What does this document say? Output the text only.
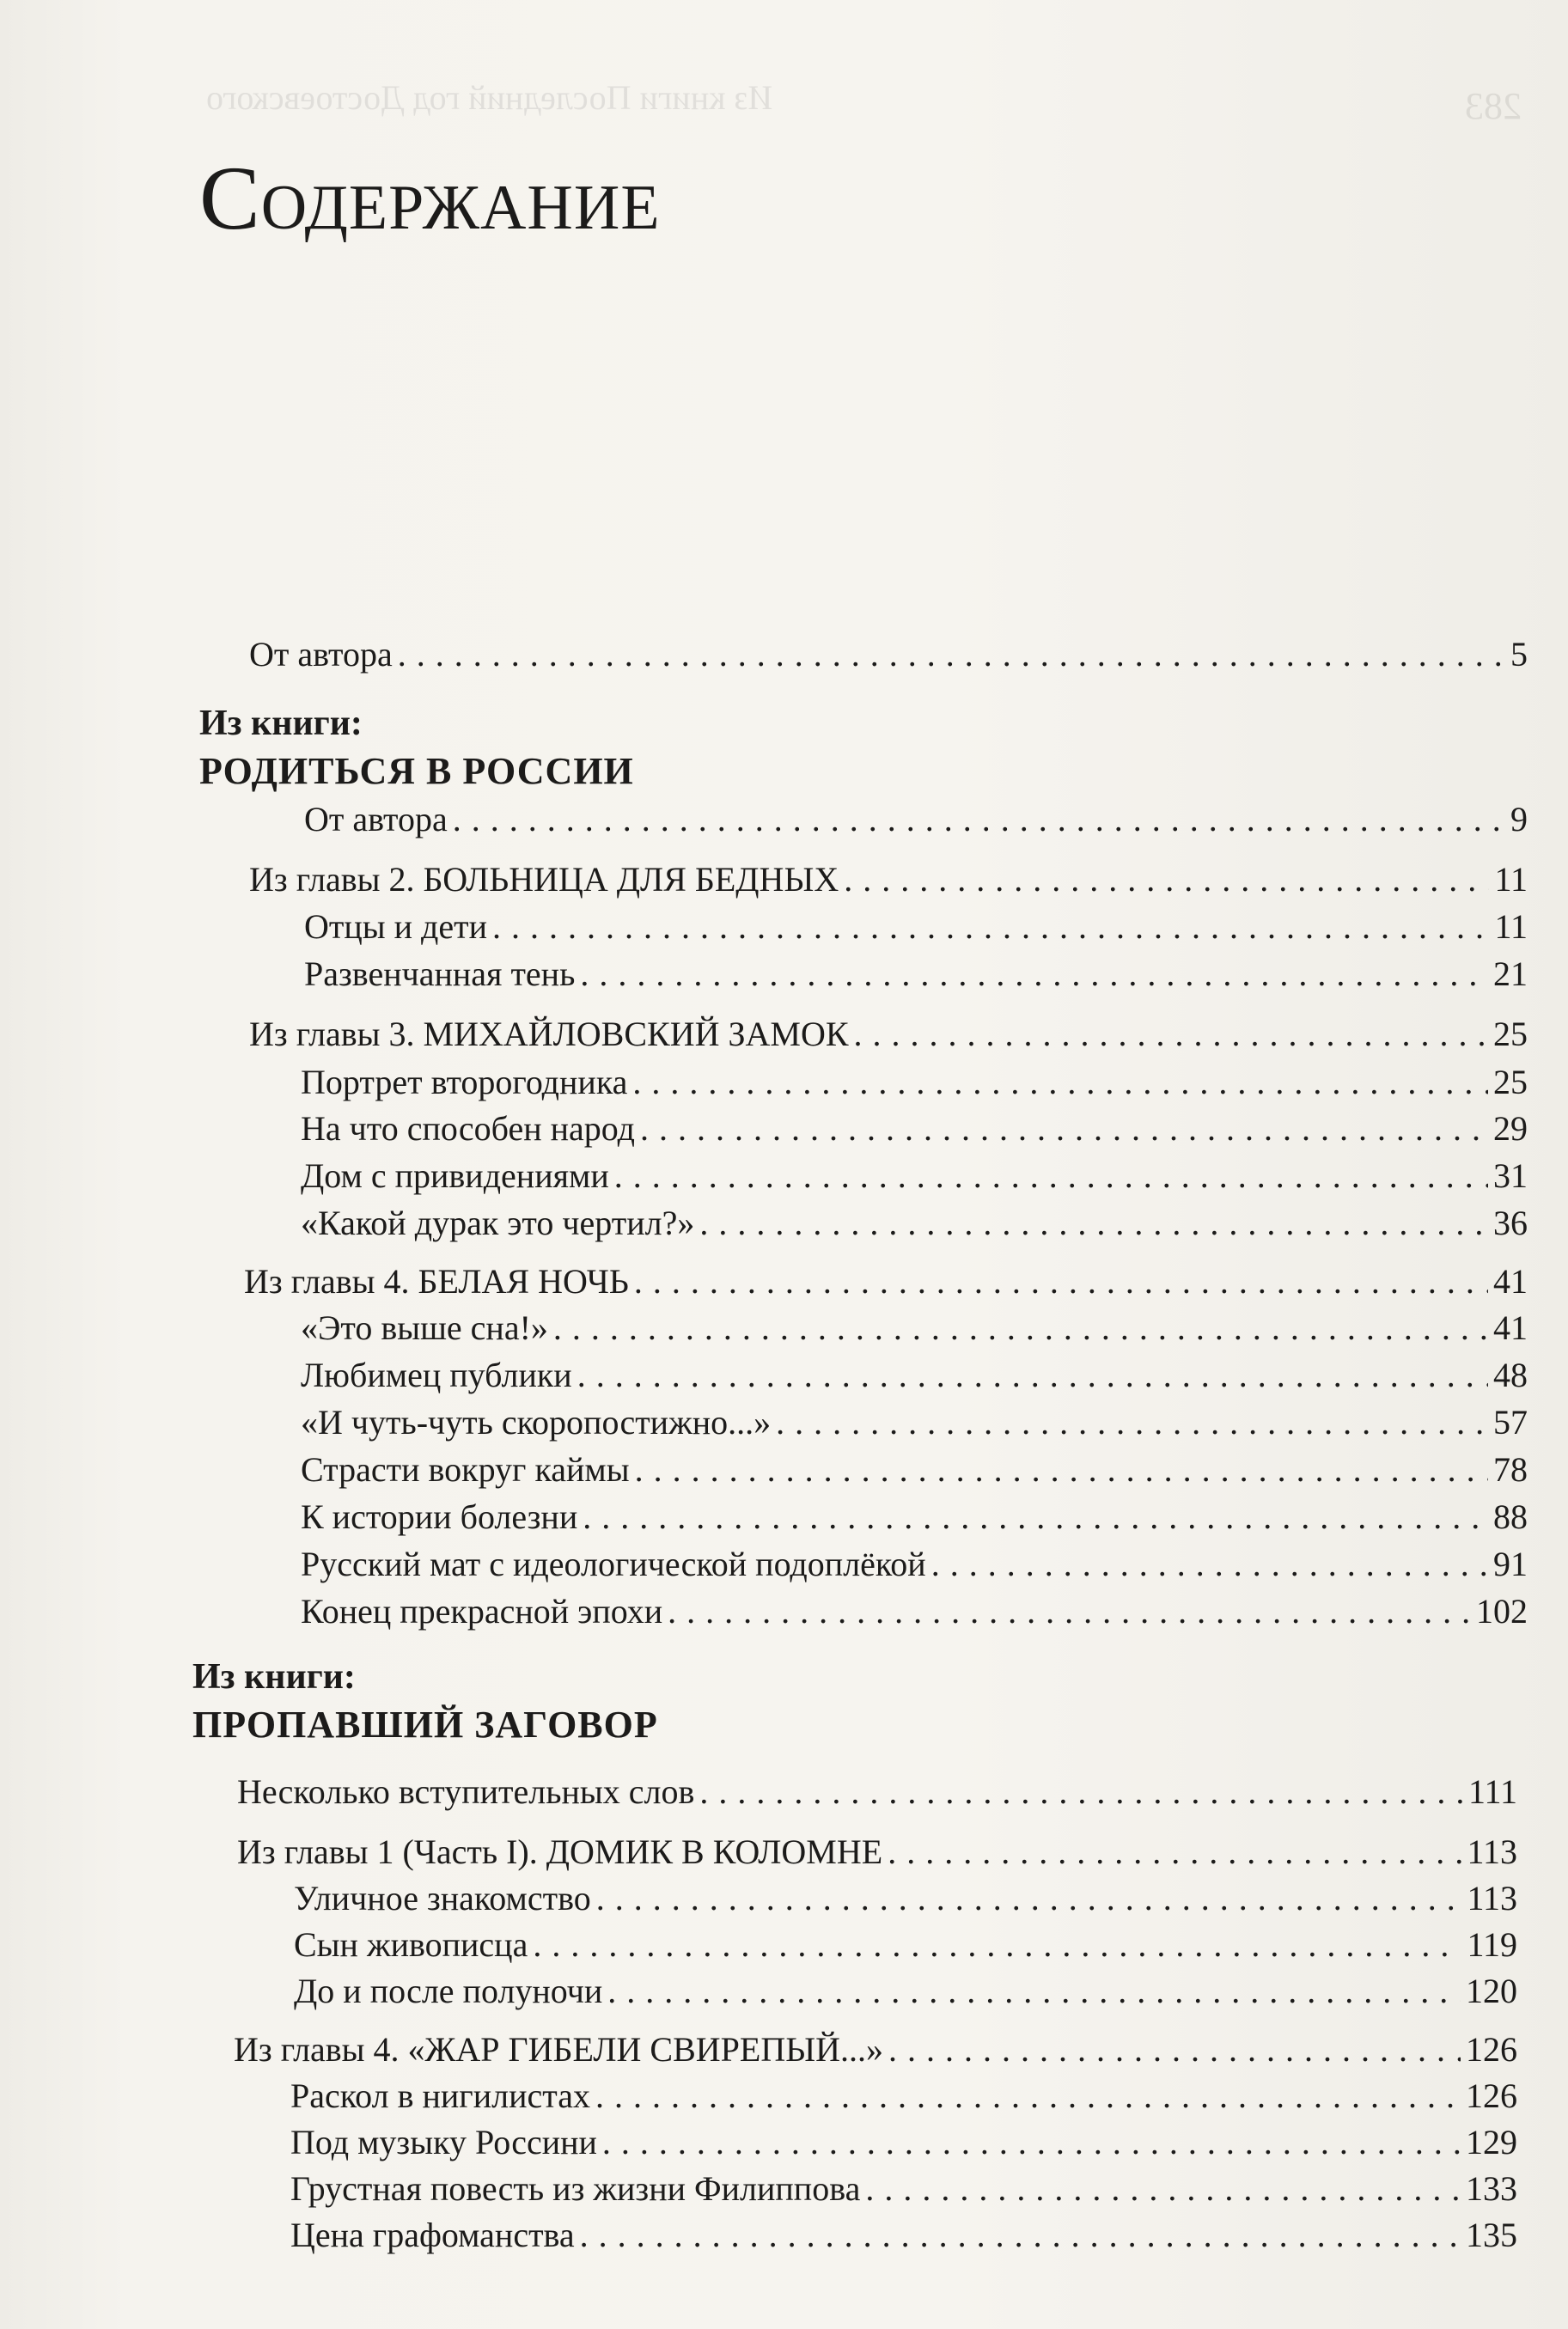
Из книги Последний год Достоевского	283
Содержание
От автора . . .	5
Из книги:
РОДИТЬСЯ В РОССИИ
От автора . . .	9
Из главы 2. БОЛЬНИЦА ДЛЯ БЕДНЫХ . . .	11
Отцы и дети . . .	11
Развенчанная тень . . .	21
Из главы 3. МИХАЙЛОВСКИЙ ЗАМОК . . .	25
Портрет второгодника . . .	25
На что способен народ . . .	29
Дом с привидениями . . .	31
«Какой дурак это чертил?» . . .	36
Из главы 4. БЕЛАЯ НОЧЬ . . .	41
«Это выше сна!» . . .	41
Любимец публики . . .	48
«И чуть-чуть скоропостижно...» . . .	57
Страсти вокруг каймы . . .	78
К истории болезни . . .	88
Русский мат с идеологической подоплёкой . . .	91
Конец прекрасной эпохи . . .	102
Из книги:
ПРОПАВШИЙ ЗАГОВОР
Несколько вступительных слов . . .	111
Из главы 1 (Часть I). ДОМИК В КОЛОМНЕ . . .	113
Уличное знакомство . . .	113
Сын живописца . . .	119
До и после полуночи . . .	120
Из главы 4. «ЖАР ГИБЕЛИ СВИРЕПЫЙ...» . . .	126
Раскол в нигилистах . . .	126
Под музыку Россини . . .	129
Грустная повесть из жизни Филиппова . . .	133
Цена графоманства . . .	135
